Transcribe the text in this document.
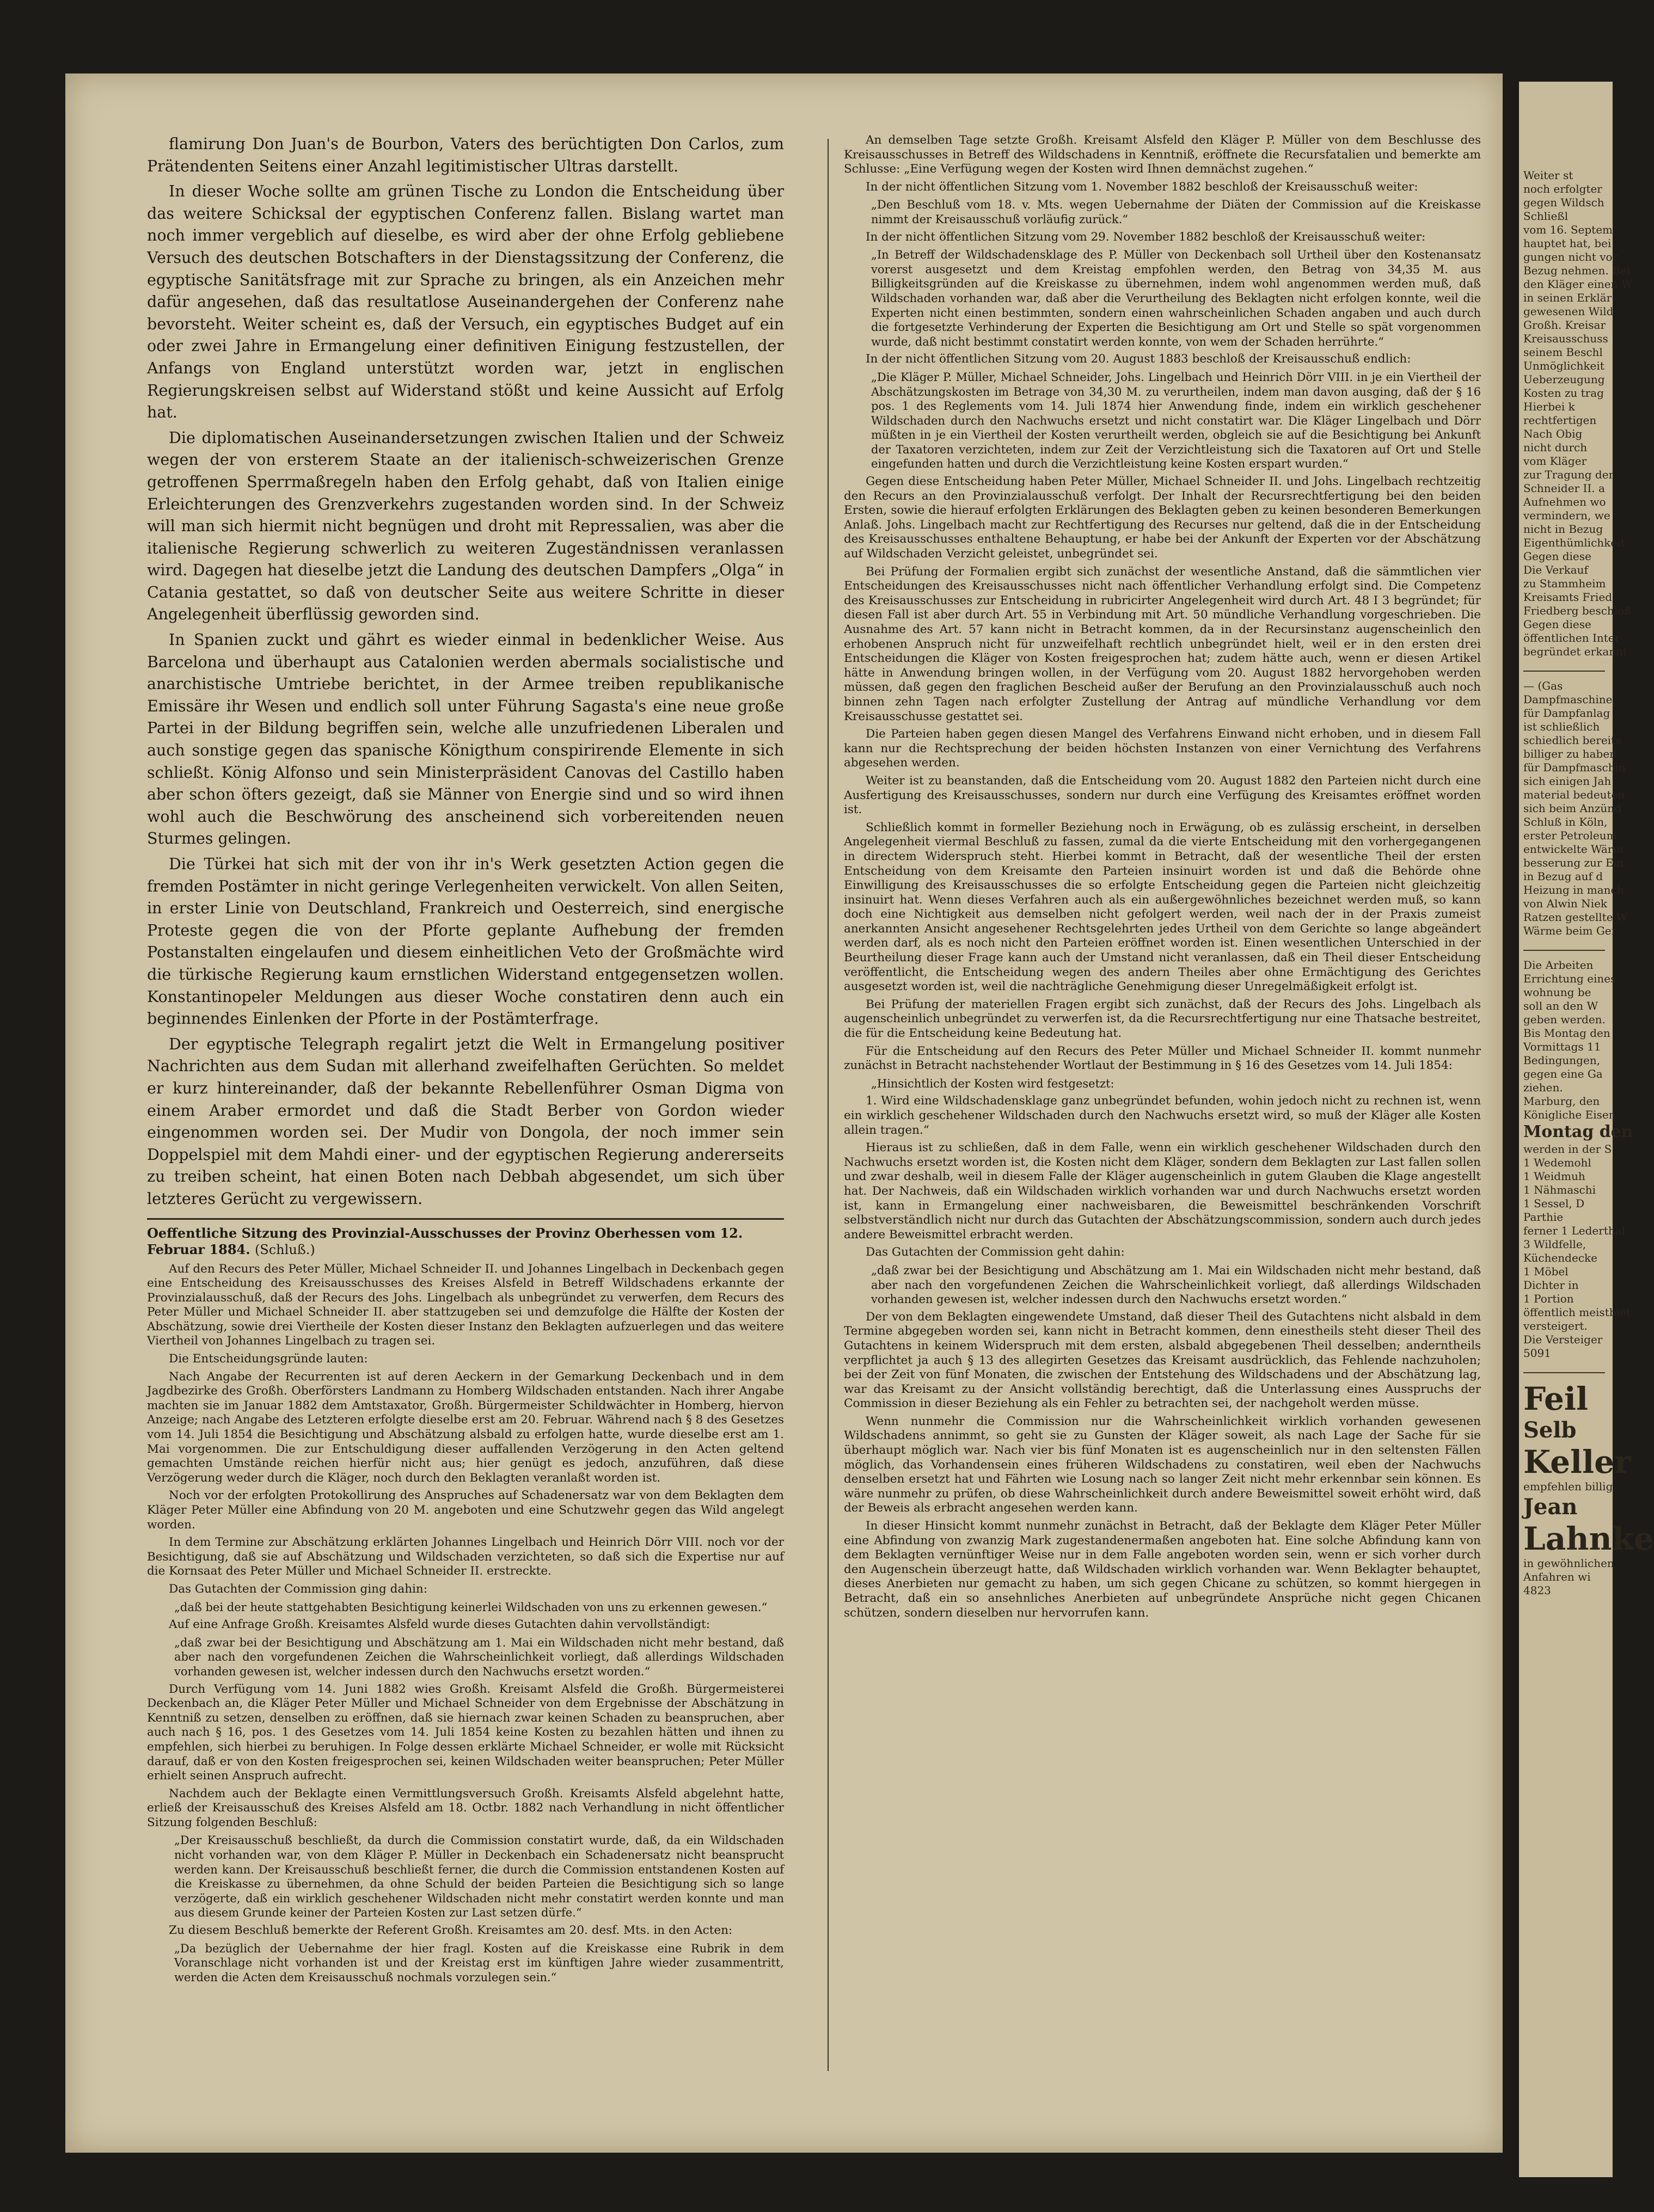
flamirung Don Juan's de Bourbon, Vaters des berüchtigten Don Carlos, zum Prätendenten Seitens einer Anzahl legitimistischer Ultras darstellt.

In dieser Woche sollte am grünen Tische zu London die Entscheidung über das weitere Schicksal der egyptischen Conferenz fallen. Bislang wartet man noch immer vergeblich auf dieselbe, es wird aber der ohne Erfolg gebliebene Versuch des deutschen Botschafters in der Dienstagssitzung der Conferenz, die egyptische Sanitätsfrage mit zur Sprache zu bringen, als ein Anzeichen mehr dafür angesehen, daß das resultatlose Auseinandergehen der Conferenz nahe bevorsteht. Weiter scheint es, daß der Versuch, ein egyptisches Budget auf ein oder zwei Jahre in Ermangelung einer definitiven Einigung festzustellen, der Anfangs von England unterstützt worden war, jetzt in englischen Regierungskreisen selbst auf Widerstand stößt und keine Aussicht auf Erfolg hat.

Die diplomatischen Auseinandersetzungen zwischen Italien und der Schweiz wegen der von ersterem Staate an der italienisch-schweizerischen Grenze getroffenen Sperrmaßregeln haben den Erfolg gehabt, daß von Italien einige Erleichterungen des Grenzverkehrs zugestanden worden sind. In der Schweiz will man sich hiermit nicht begnügen und droht mit Repressalien, was aber die italienische Regierung schwerlich zu weiteren Zugeständnissen veranlassen wird. Dagegen hat dieselbe jetzt die Landung des deutschen Dampfers „Olga“ in Catania gestattet, so daß von deutscher Seite aus weitere Schritte in dieser Angelegenheit überflüssig geworden sind.

In Spanien zuckt und gährt es wieder einmal in bedenklicher Weise. Aus Barcelona und überhaupt aus Catalonien werden abermals socialistische und anarchistische Umtriebe berichtet, in der Armee treiben republikanische Emissäre ihr Wesen und endlich soll unter Führung Sagasta's eine neue große Partei in der Bildung begriffen sein, welche alle unzufriedenen Liberalen und auch sonstige gegen das spanische Königthum conspirirende Elemente in sich schließt. König Alfonso und sein Ministerpräsident Canovas del Castillo haben aber schon öfters gezeigt, daß sie Männer von Energie sind und so wird ihnen wohl auch die Beschwörung des anscheinend sich vorbereitenden neuen Sturmes gelingen.

Die Türkei hat sich mit der von ihr in's Werk gesetzten Action gegen die fremden Postämter in nicht geringe Verlegenheiten verwickelt. Von allen Seiten, in erster Linie von Deutschland, Frankreich und Oesterreich, sind energische Proteste gegen die von der Pforte geplante Aufhebung der fremden Postanstalten eingelaufen und diesem einheitlichen Veto der Großmächte wird die türkische Regierung kaum ernstlichen Widerstand entgegensetzen wollen. Konstantinopeler Meldungen aus dieser Woche constatiren denn auch ein beginnendes Einlenken der Pforte in der Postämterfrage.

Der egyptische Telegraph regalirt jetzt die Welt in Ermangelung positiver Nachrichten aus dem Sudan mit allerhand zweifelhaften Gerüchten. So meldet er kurz hintereinander, daß der bekannte Rebellenführer Osman Digma von einem Araber ermordet und daß die Stadt Berber von Gordon wieder eingenommen worden sei. Der Mudir von Dongola, der noch immer sein Doppelspiel mit dem Mahdi einer- und der egyptischen Regierung andererseits zu treiben scheint, hat einen Boten nach Debbah abgesendet, um sich über letzteres Gerücht zu vergewissern.

Oeffentliche Sitzung des Provinzial-Ausschusses der Provinz Oberhessen vom 12. Februar 1884. (Schluß.)

Auf den Recurs des Peter Müller, Michael Schneider II. und Johannes Lingelbach in Deckenbach gegen eine Entscheidung des Kreisausschusses des Kreises Alsfeld in Betreff Wildschadens erkannte der Provinzialausschuß, daß der Recurs des Johs. Lingelbach als unbegründet zu verwerfen, dem Recurs des Peter Müller und Michael Schneider II. aber stattzugeben sei und demzufolge die Hälfte der Kosten der Abschätzung, sowie drei Viertheile der Kosten dieser Instanz den Beklagten aufzuerlegen und das weitere Viertheil von Johannes Lingelbach zu tragen sei.

Die Entscheidungsgründe lauten:

Nach Angabe der Recurrenten ist auf deren Aeckern in der Gemarkung Deckenbach und in dem Jagdbezirke des Großh. Oberförsters Landmann zu Homberg Wildschaden entstanden. Nach ihrer Angabe machten sie im Januar 1882 dem Amtstaxator, Großh. Bürgermeister Schildwächter in Homberg, hiervon Anzeige; nach Angabe des Letzteren erfolgte dieselbe erst am 20. Februar. Während nach § 8 des Gesetzes vom 14. Juli 1854 die Besichtigung und Abschätzung alsbald zu erfolgen hatte, wurde dieselbe erst am 1. Mai vorgenommen. Die zur Entschuldigung dieser auffallenden Verzögerung in den Acten geltend gemachten Umstände reichen hierfür nicht aus; hier genügt es jedoch, anzuführen, daß diese Verzögerung weder durch die Kläger, noch durch den Beklagten veranlaßt worden ist.

Noch vor der erfolgten Protokollirung des Anspruches auf Schadenersatz war von dem Beklagten dem Kläger Peter Müller eine Abfindung von 20 M. angeboten und eine Schutzwehr gegen das Wild angelegt worden.

In dem Termine zur Abschätzung erklärten Johannes Lingelbach und Heinrich Dörr VIII. noch vor der Besichtigung, daß sie auf Abschätzung und Wildschaden verzichteten, so daß sich die Expertise nur auf die Kornsaat des Peter Müller und Michael Schneider II. erstreckte.

Das Gutachten der Commission ging dahin:

„daß bei der heute stattgehabten Besichtigung keinerlei Wildschaden von uns zu erkennen gewesen.“

Auf eine Anfrage Großh. Kreisamtes Alsfeld wurde dieses Gutachten dahin vervollständigt:

„daß zwar bei der Besichtigung und Abschätzung am 1. Mai ein Wildschaden nicht mehr bestand, daß aber nach den vorgefundenen Zeichen die Wahrscheinlichkeit vorliegt, daß allerdings Wildschaden vorhanden gewesen ist, welcher indessen durch den Nachwuchs ersetzt worden.“

Durch Verfügung vom 14. Juni 1882 wies Großh. Kreisamt Alsfeld die Großh. Bürgermeisterei Deckenbach an, die Kläger Peter Müller und Michael Schneider von dem Ergebnisse der Abschätzung in Kenntniß zu setzen, denselben zu eröffnen, daß sie hiernach zwar keinen Schaden zu beanspruchen, aber auch nach § 16, pos. 1 des Gesetzes vom 14. Juli 1854 keine Kosten zu bezahlen hätten und ihnen zu empfehlen, sich hierbei zu beruhigen. In Folge dessen erklärte Michael Schneider, er wolle mit Rücksicht darauf, daß er von den Kosten freigesprochen sei, keinen Wildschaden weiter beanspruchen; Peter Müller erhielt seinen Anspruch aufrecht.

Nachdem auch der Beklagte einen Vermittlungsversuch Großh. Kreisamts Alsfeld abgelehnt hatte, erließ der Kreisausschuß des Kreises Alsfeld am 18. Octbr. 1882 nach Verhandlung in nicht öffentlicher Sitzung folgenden Beschluß:

„Der Kreisausschuß beschließt, da durch die Commission constatirt wurde, daß, da ein Wildschaden nicht vorhanden war, von dem Kläger P. Müller in Deckenbach ein Schadenersatz nicht beansprucht werden kann. Der Kreisausschuß beschließt ferner, die durch die Commission entstandenen Kosten auf die Kreiskasse zu übernehmen, da ohne Schuld der beiden Parteien die Besichtigung sich so lange verzögerte, daß ein wirklich geschehener Wildschaden nicht mehr constatirt werden konnte und man aus diesem Grunde keiner der Parteien Kosten zur Last setzen dürfe.“

Zu diesem Beschluß bemerkte der Referent Großh. Kreisamtes am 20. desf. Mts. in den Acten:

„Da bezüglich der Uebernahme der hier fragl. Kosten auf die Kreiskasse eine Rubrik in dem Voranschlage nicht vorhanden ist und der Kreistag erst im künftigen Jahre wieder zusammentritt, werden die Acten dem Kreisausschuß nochmals vorzulegen sein.“

An demselben Tage setzte Großh. Kreisamt Alsfeld den Kläger P. Müller von dem Beschlusse des Kreisausschusses in Betreff des Wildschadens in Kenntniß, eröffnete die Recursfatalien und bemerkte am Schlusse: „Eine Verfügung wegen der Kosten wird Ihnen demnächst zugehen.“

In der nicht öffentlichen Sitzung vom 1. November 1882 beschloß der Kreisausschuß weiter:

„Den Beschluß vom 18. v. Mts. wegen Uebernahme der Diäten der Commission auf die Kreiskasse nimmt der Kreisausschuß vorläufig zurück.“

In der nicht öffentlichen Sitzung vom 29. November 1882 beschloß der Kreisausschuß weiter:

„In Betreff der Wildschadensklage des P. Müller von Deckenbach soll Urtheil über den Kostenansatz vorerst ausgesetzt und dem Kreistag empfohlen werden, den Betrag von 34,35 M. aus Billigkeitsgründen auf die Kreiskasse zu übernehmen, indem wohl angenommen werden muß, daß Wildschaden vorhanden war, daß aber die Verurtheilung des Beklagten nicht erfolgen konnte, weil die Experten nicht einen bestimmten, sondern einen wahrscheinlichen Schaden angaben und auch durch die fortgesetzte Verhinderung der Experten die Besichtigung am Ort und Stelle so spät vorgenommen wurde, daß nicht bestimmt constatirt werden konnte, von wem der Schaden herrührte.“

In der nicht öffentlichen Sitzung vom 20. August 1883 beschloß der Kreisausschuß endlich:

„Die Kläger P. Müller, Michael Schneider, Johs. Lingelbach und Heinrich Dörr VIII. in je ein Viertheil der Abschätzungskosten im Betrage von 34,30 M. zu verurtheilen, indem man davon ausging, daß der § 16 pos. 1 des Reglements vom 14. Juli 1874 hier Anwendung finde, indem ein wirklich geschehener Wildschaden durch den Nachwuchs ersetzt und nicht constatirt war. Die Kläger Lingelbach und Dörr müßten in je ein Viertheil der Kosten verurtheilt werden, obgleich sie auf die Besichtigung bei Ankunft der Taxatoren verzichteten, indem zur Zeit der Verzichtleistung sich die Taxatoren auf Ort und Stelle eingefunden hatten und durch die Verzichtleistung keine Kosten erspart wurden.“

Gegen diese Entscheidung haben Peter Müller, Michael Schneider II. und Johs. Lingelbach rechtzeitig den Recurs an den Provinzialausschuß verfolgt. Der Inhalt der Recursrechtfertigung bei den beiden Ersten, sowie die hierauf erfolgten Erklärungen des Beklagten geben zu keinen besonderen Bemerkungen Anlaß. Johs. Lingelbach macht zur Rechtfertigung des Recurses nur geltend, daß die in der Entscheidung des Kreisausschusses enthaltene Behauptung, er habe bei der Ankunft der Experten vor der Abschätzung auf Wildschaden Verzicht geleistet, unbegründet sei.

Bei Prüfung der Formalien ergibt sich zunächst der wesentliche Anstand, daß die sämmtlichen vier Entscheidungen des Kreisausschusses nicht nach öffentlicher Verhandlung erfolgt sind. Die Competenz des Kreisausschusses zur Entscheidung in rubricirter Angelegenheit wird durch Art. 48 I 3 begründet; für diesen Fall ist aber durch Art. 55 in Verbindung mit Art. 50 mündliche Verhandlung vorgeschrieben. Die Ausnahme des Art. 57 kann nicht in Betracht kommen, da in der Recursinstanz augenscheinlich den erhobenen Anspruch nicht für unzweifelhaft rechtlich unbegründet hielt, weil er in den ersten drei Entscheidungen die Kläger von Kosten freigesprochen hat; zudem hätte auch, wenn er diesen Artikel hätte in Anwendung bringen wollen, in der Verfügung vom 20. August 1882 hervorgehoben werden müssen, daß gegen den fraglichen Bescheid außer der Berufung an den Provinzialausschuß auch noch binnen zehn Tagen nach erfolgter Zustellung der Antrag auf mündliche Verhandlung vor dem Kreisausschusse gestattet sei.

Die Parteien haben gegen diesen Mangel des Verfahrens Einwand nicht erhoben, und in diesem Fall kann nur die Rechtsprechung der beiden höchsten Instanzen von einer Vernichtung des Verfahrens abgesehen werden.

Weiter ist zu beanstanden, daß die Entscheidung vom 20. August 1882 den Parteien nicht durch eine Ausfertigung des Kreisausschusses, sondern nur durch eine Verfügung des Kreisamtes eröffnet worden ist.

Schließlich kommt in formeller Beziehung noch in Erwägung, ob es zulässig erscheint, in derselben Angelegenheit viermal Beschluß zu fassen, zumal da die vierte Entscheidung mit den vorhergegangenen in directem Widerspruch steht. Hierbei kommt in Betracht, daß der wesentliche Theil der ersten Entscheidung von dem Kreisamte den Parteien insinuirt worden ist und daß die Behörde ohne Einwilligung des Kreisausschusses die so erfolgte Entscheidung gegen die Parteien nicht gleichzeitig insinuirt hat. Wenn dieses Verfahren auch als ein außergewöhnliches bezeichnet werden muß, so kann doch eine Nichtigkeit aus demselben nicht gefolgert werden, weil nach der in der Praxis zumeist anerkannten Ansicht angesehener Rechtsgelehrten jedes Urtheil von dem Gerichte so lange abgeändert werden darf, als es noch nicht den Parteien eröffnet worden ist. Einen wesentlichen Unterschied in der Beurtheilung dieser Frage kann auch der Umstand nicht veranlassen, daß ein Theil dieser Entscheidung veröffentlicht, die Entscheidung wegen des andern Theiles aber ohne Ermächtigung des Gerichtes ausgesetzt worden ist, weil die nachträgliche Genehmigung dieser Unregelmäßigkeit erfolgt ist.

Bei Prüfung der materiellen Fragen ergibt sich zunächst, daß der Recurs des Johs. Lingelbach als augenscheinlich unbegründet zu verwerfen ist, da die Recursrechtfertigung nur eine Thatsache bestreitet, die für die Entscheidung keine Bedeutung hat.

Für die Entscheidung auf den Recurs des Peter Müller und Michael Schneider II. kommt nunmehr zunächst in Betracht nachstehender Wortlaut der Bestimmung in § 16 des Gesetzes vom 14. Juli 1854:

„Hinsichtlich der Kosten wird festgesetzt:

1. Wird eine Wildschadensklage ganz unbegründet befunden, wohin jedoch nicht zu rechnen ist, wenn ein wirklich geschehener Wildschaden durch den Nachwuchs ersetzt wird, so muß der Kläger alle Kosten allein tragen.“

Hieraus ist zu schließen, daß in dem Falle, wenn ein wirklich geschehener Wildschaden durch den Nachwuchs ersetzt worden ist, die Kosten nicht dem Kläger, sondern dem Beklagten zur Last fallen sollen und zwar deshalb, weil in diesem Falle der Kläger augenscheinlich in gutem Glauben die Klage angestellt hat. Der Nachweis, daß ein Wildschaden wirklich vorhanden war und durch Nachwuchs ersetzt worden ist, kann in Ermangelung einer nachweisbaren, die Beweismittel beschränkenden Vorschrift selbstverständlich nicht nur durch das Gutachten der Abschätzungscommission, sondern auch durch jedes andere Beweismittel erbracht werden.

Das Gutachten der Commission geht dahin:

„daß zwar bei der Besichtigung und Abschätzung am 1. Mai ein Wildschaden nicht mehr bestand, daß aber nach den vorgefundenen Zeichen die Wahrscheinlichkeit vorliegt, daß allerdings Wildschaden vorhanden gewesen ist, welcher indessen durch den Nachwuchs ersetzt worden.“

Der von dem Beklagten eingewendete Umstand, daß dieser Theil des Gutachtens nicht alsbald in dem Termine abgegeben worden sei, kann nicht in Betracht kommen, denn einestheils steht dieser Theil des Gutachtens in keinem Widerspruch mit dem ersten, alsbald abgegebenen Theil desselben; anderntheils verpflichtet ja auch § 13 des allegirten Gesetzes das Kreisamt ausdrücklich, das Fehlende nachzuholen; bei der Zeit von fünf Monaten, die zwischen der Entstehung des Wildschadens und der Abschätzung lag, war das Kreisamt zu der Ansicht vollständig berechtigt, daß die Unterlassung eines Ausspruchs der Commission in dieser Beziehung als ein Fehler zu betrachten sei, der nachgeholt werden müsse.

Wenn nunmehr die Commission nur die Wahrscheinlichkeit wirklich vorhanden gewesenen Wildschadens annimmt, so geht sie zu Gunsten der Kläger soweit, als nach Lage der Sache für sie überhaupt möglich war. Nach vier bis fünf Monaten ist es augenscheinlich nur in den seltensten Fällen möglich, das Vorhandensein eines früheren Wildschadens zu constatiren, weil eben der Nachwuchs denselben ersetzt hat und Fährten wie Losung nach so langer Zeit nicht mehr erkennbar sein können. Es wäre nunmehr zu prüfen, ob diese Wahrscheinlichkeit durch andere Beweismittel soweit erhöht wird, daß der Beweis als erbracht angesehen werden kann.

In dieser Hinsicht kommt nunmehr zunächst in Betracht, daß der Beklagte dem Kläger Peter Müller eine Abfindung von zwanzig Mark zugestandenermaßen angeboten hat. Eine solche Abfindung kann von dem Beklagten vernünftiger Weise nur in dem Falle angeboten worden sein, wenn er sich vorher durch den Augenschein überzeugt hatte, daß Wildschaden wirklich vorhanden war. Wenn Beklagter behauptet, dieses Anerbieten nur gemacht zu haben, um sich gegen Chicane zu schützen, so kommt hiergegen in Betracht, daß ein so ansehnliches Anerbieten auf unbegründete Ansprüche nicht gegen Chicanen schützen, sondern dieselben nur hervorrufen kann.

Weiter st
noch erfolgter
gegen Wildsch
Schließl
vom 16. Septem
hauptet hat, bei
gungen nicht vor
Bezug nehmen. Bei
den Kläger einen W
in seinen Erklär
gewesenen Wild
Großh. Kreisar
Kreisausschuss
seinem Beschl
Unmöglichkeit
Ueberzeugung
Kosten zu trag
Hierbei k
rechtfertigen
Nach Obig
nicht durch
vom Kläger
zur Tragung der
Schneider II. a
Aufnehmen wo
vermindern, we
nicht in Bezug
Eigenthümlichkeit
Gegen diese
Die Verkauf
zu Stammheim
Kreisamts Fried
Friedberg beschloß
Gegen diese
öffentlichen Inter
begründet erkannt
— (Gas
Dampfmaschine,
für Dampfanlag
ist schließlich
schiedlich bereits
billiger zu haben
für Dampfmaschin
sich einigen Jah
material bedeuten
sich beim Anzünd
Schluß in Köln,
erster Petroleum
entwickelte Wärm
besserung zur Ein
in Bezug auf d
Heizung in manch
von Alwin Niek
Ratzen gestellte W
Wärme beim Ger
Die Arbeiten
Errichtung eines
wohnung be
soll an den W
geben werden.
Bis Montag den
Vormittags 11
Bedingungen,
gegen eine Ga
ziehen.
Marburg, den
Königliche Eisen
Montag den
werden in der S
1 Wedemohl
1 Weidmuh
1 Nähmaschi
1 Sessel, D
Parthie
ferner 1 Lederthal
3 Wildfelle,
Küchendecke
1 Möbel
Dichter in
1 Portion
öffentlich meistbiet
versteigert.
Die Versteiger
5091
Feil
Selb
Keller
empfehlen billig
Jean
Lahnke
in gewöhnlichen
Anfahren wi
4823
